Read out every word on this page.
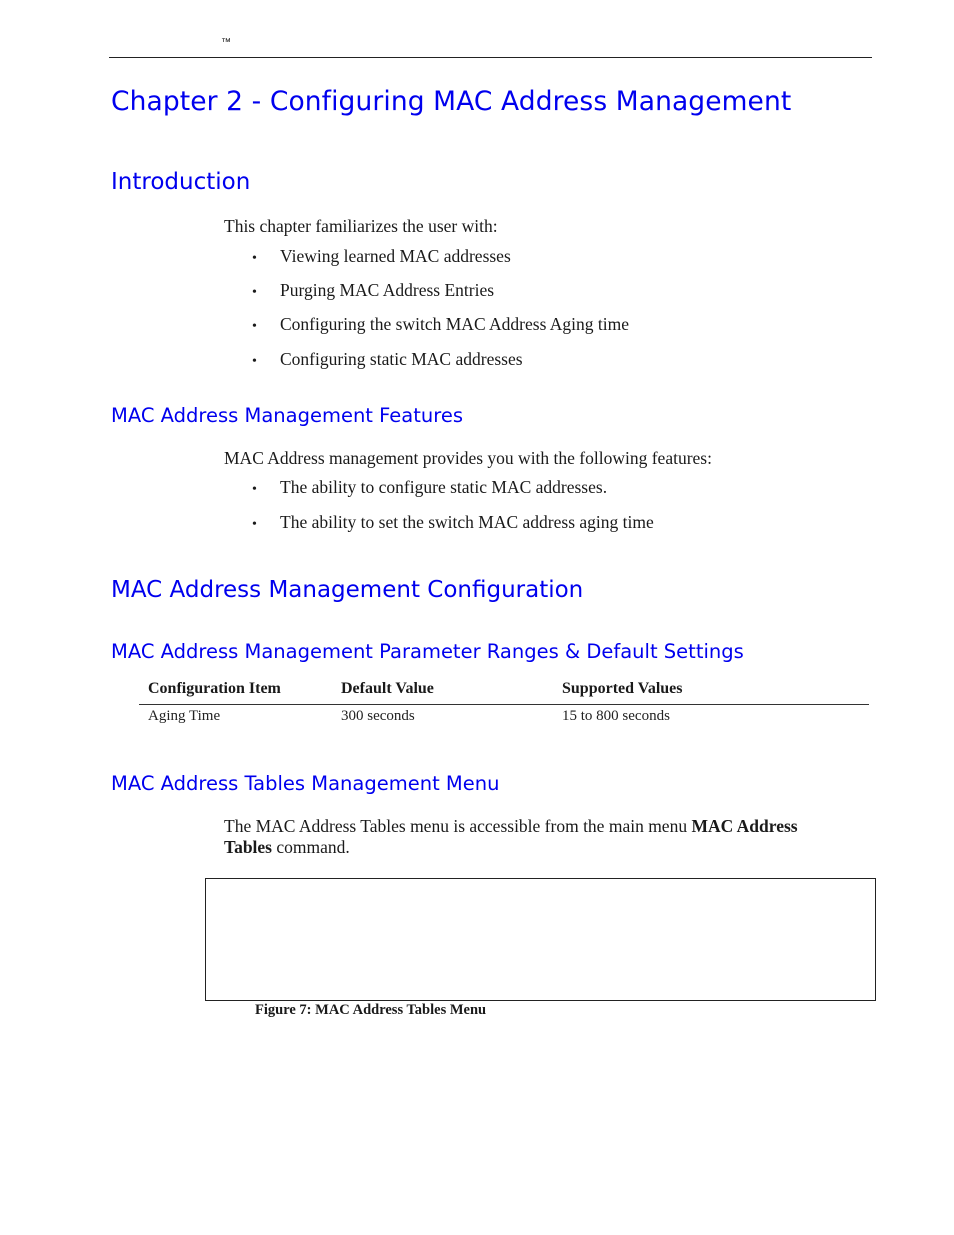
™
Chapter 2 - Configuring MAC Address Management
Introduction

This chapter familiarizes the user with:

• Viewing learned MAC addresses
• Purging MAC Address Entries
• Configuring the switch MAC Address Aging time
• Configuring static MAC addresses
MAC Address Management Features

MAC Address management provides you with the following features:

• The ability to configure static MAC addresses.
• The ability to set the switch MAC address aging time
MAC Address Management Configuration
MAC Address Management Parameter Ranges & Default Settings
Configuration Item	Default Value	Supported Values
Aging Time	300 seconds	15 to 800 seconds
MAC Address Tables Management Menu

The MAC Address Tables menu is accessible from the main menu MAC Address

Tables command.

Figure 7: MAC Address Tables Menu
